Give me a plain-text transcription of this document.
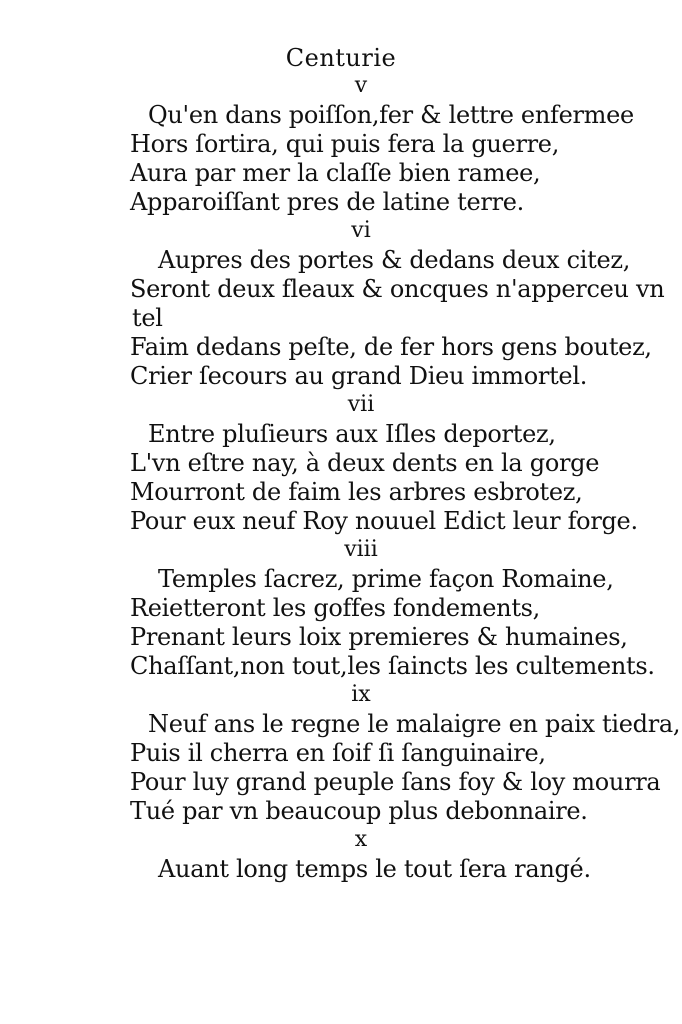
Centurie
v
Qu'en dans poiſſon,fer & lettre enfermee
Hors ſortira, qui puis fera la guerre,
Aura par mer la claſſe bien ramee,
Apparoiſſant pres de latine terre.
vi
Aupres des portes & dedans deux citez,
Seront deux fleaux & oncques n'apperceu vn
tel
Faim dedans peſte, de fer hors gens boutez,
Crier ſecours au grand Dieu immortel.
vii
Entre pluſieurs aux Iſles deportez,
L'vn eſtre nay, à deux dents en la gorge
Mourront de faim les arbres esbrotez,
Pour eux neuf Roy nouuel Edict leur forge.
viii
Temples ſacrez, prime façon Romaine,
Reietteront les goffes fondements,
Prenant leurs loix premieres & humaines,
Chaſſant,non tout,les ſaincts les cultements.
ix
Neuf ans le regne le malaigre en paix tiedra,
Puis il cherra en ſoif ſi ſanguinaire,
Pour luy grand peuple ſans foy & loy mourra
Tué par vn beaucoup plus debonnaire.
x
Auant long temps le tout ſera rangé.
